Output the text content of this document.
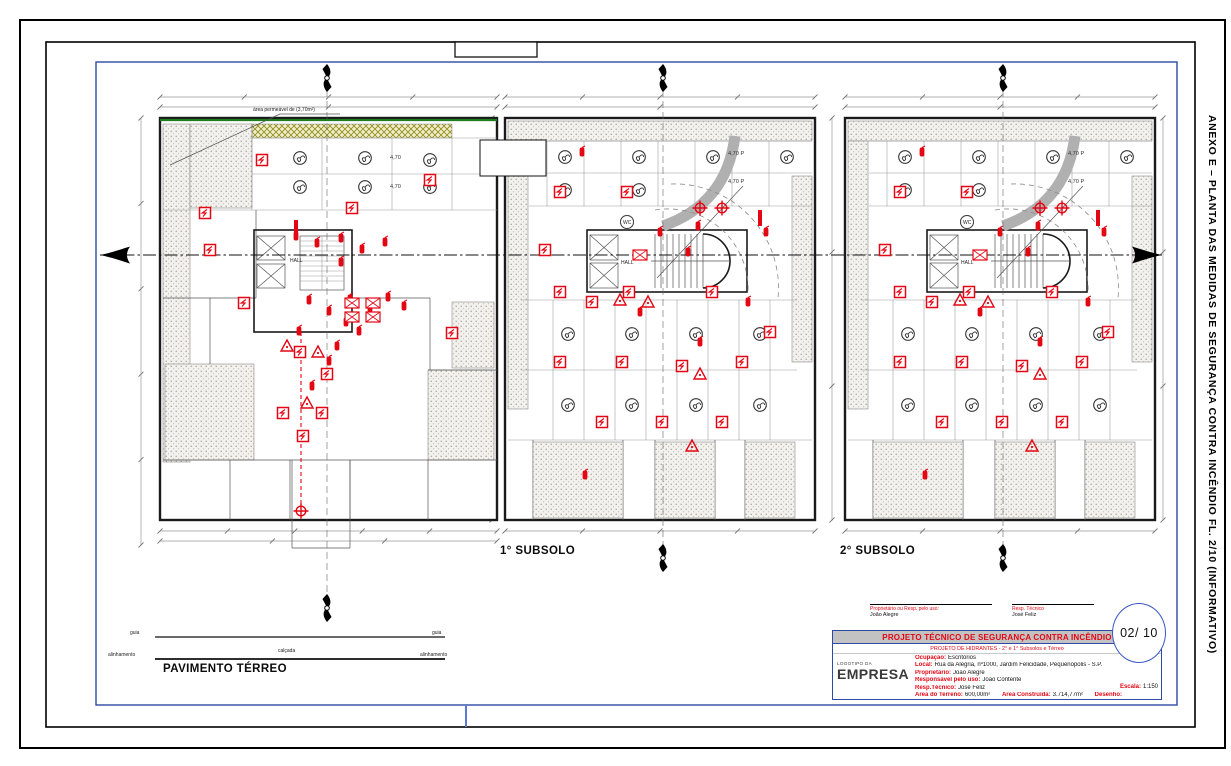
4,70
4,70
4,70 P
4,70 P
4,70 P
4,70 P
PAVIMENTO TÉRREO
1° SUBSOLO	2° SUBSOLO
guia	guia
calçada
alinhamento	alinhamento
área permeável de (3,70m²)
HALL	HALL	HALL
WC	WC	ANEXO E – PLANTA DAS MEDIDAS DE SEGURANÇA CONTRA INCÊNDIO FL. 2/10 (INFORMATIVO)
Proprietário ou Resp. pelo uso:
João Alegre
Resp. Técnico
José Feliz
PROJETO TÉCNICO DE SEGURANÇA CONTRA INCÊNDIO
PROJETO DE HIDRANTES - 2° e 1° Subsolos e Térreo
LOGOTIPO DA
EMPRESA
Ocupação: Escritórios
Local: Rua da Alegria, nº1000, Jardim Felicidade, Pequenópolis - S.P.
Proprietário: João Alegre
Responsável pelo uso: João Contente
Resp.Técnico: José Feliz
Área do Terreno: 600,00m² Área Construída: 3.714,77m² Desenho:
Escala: 1:150
02/ 10
